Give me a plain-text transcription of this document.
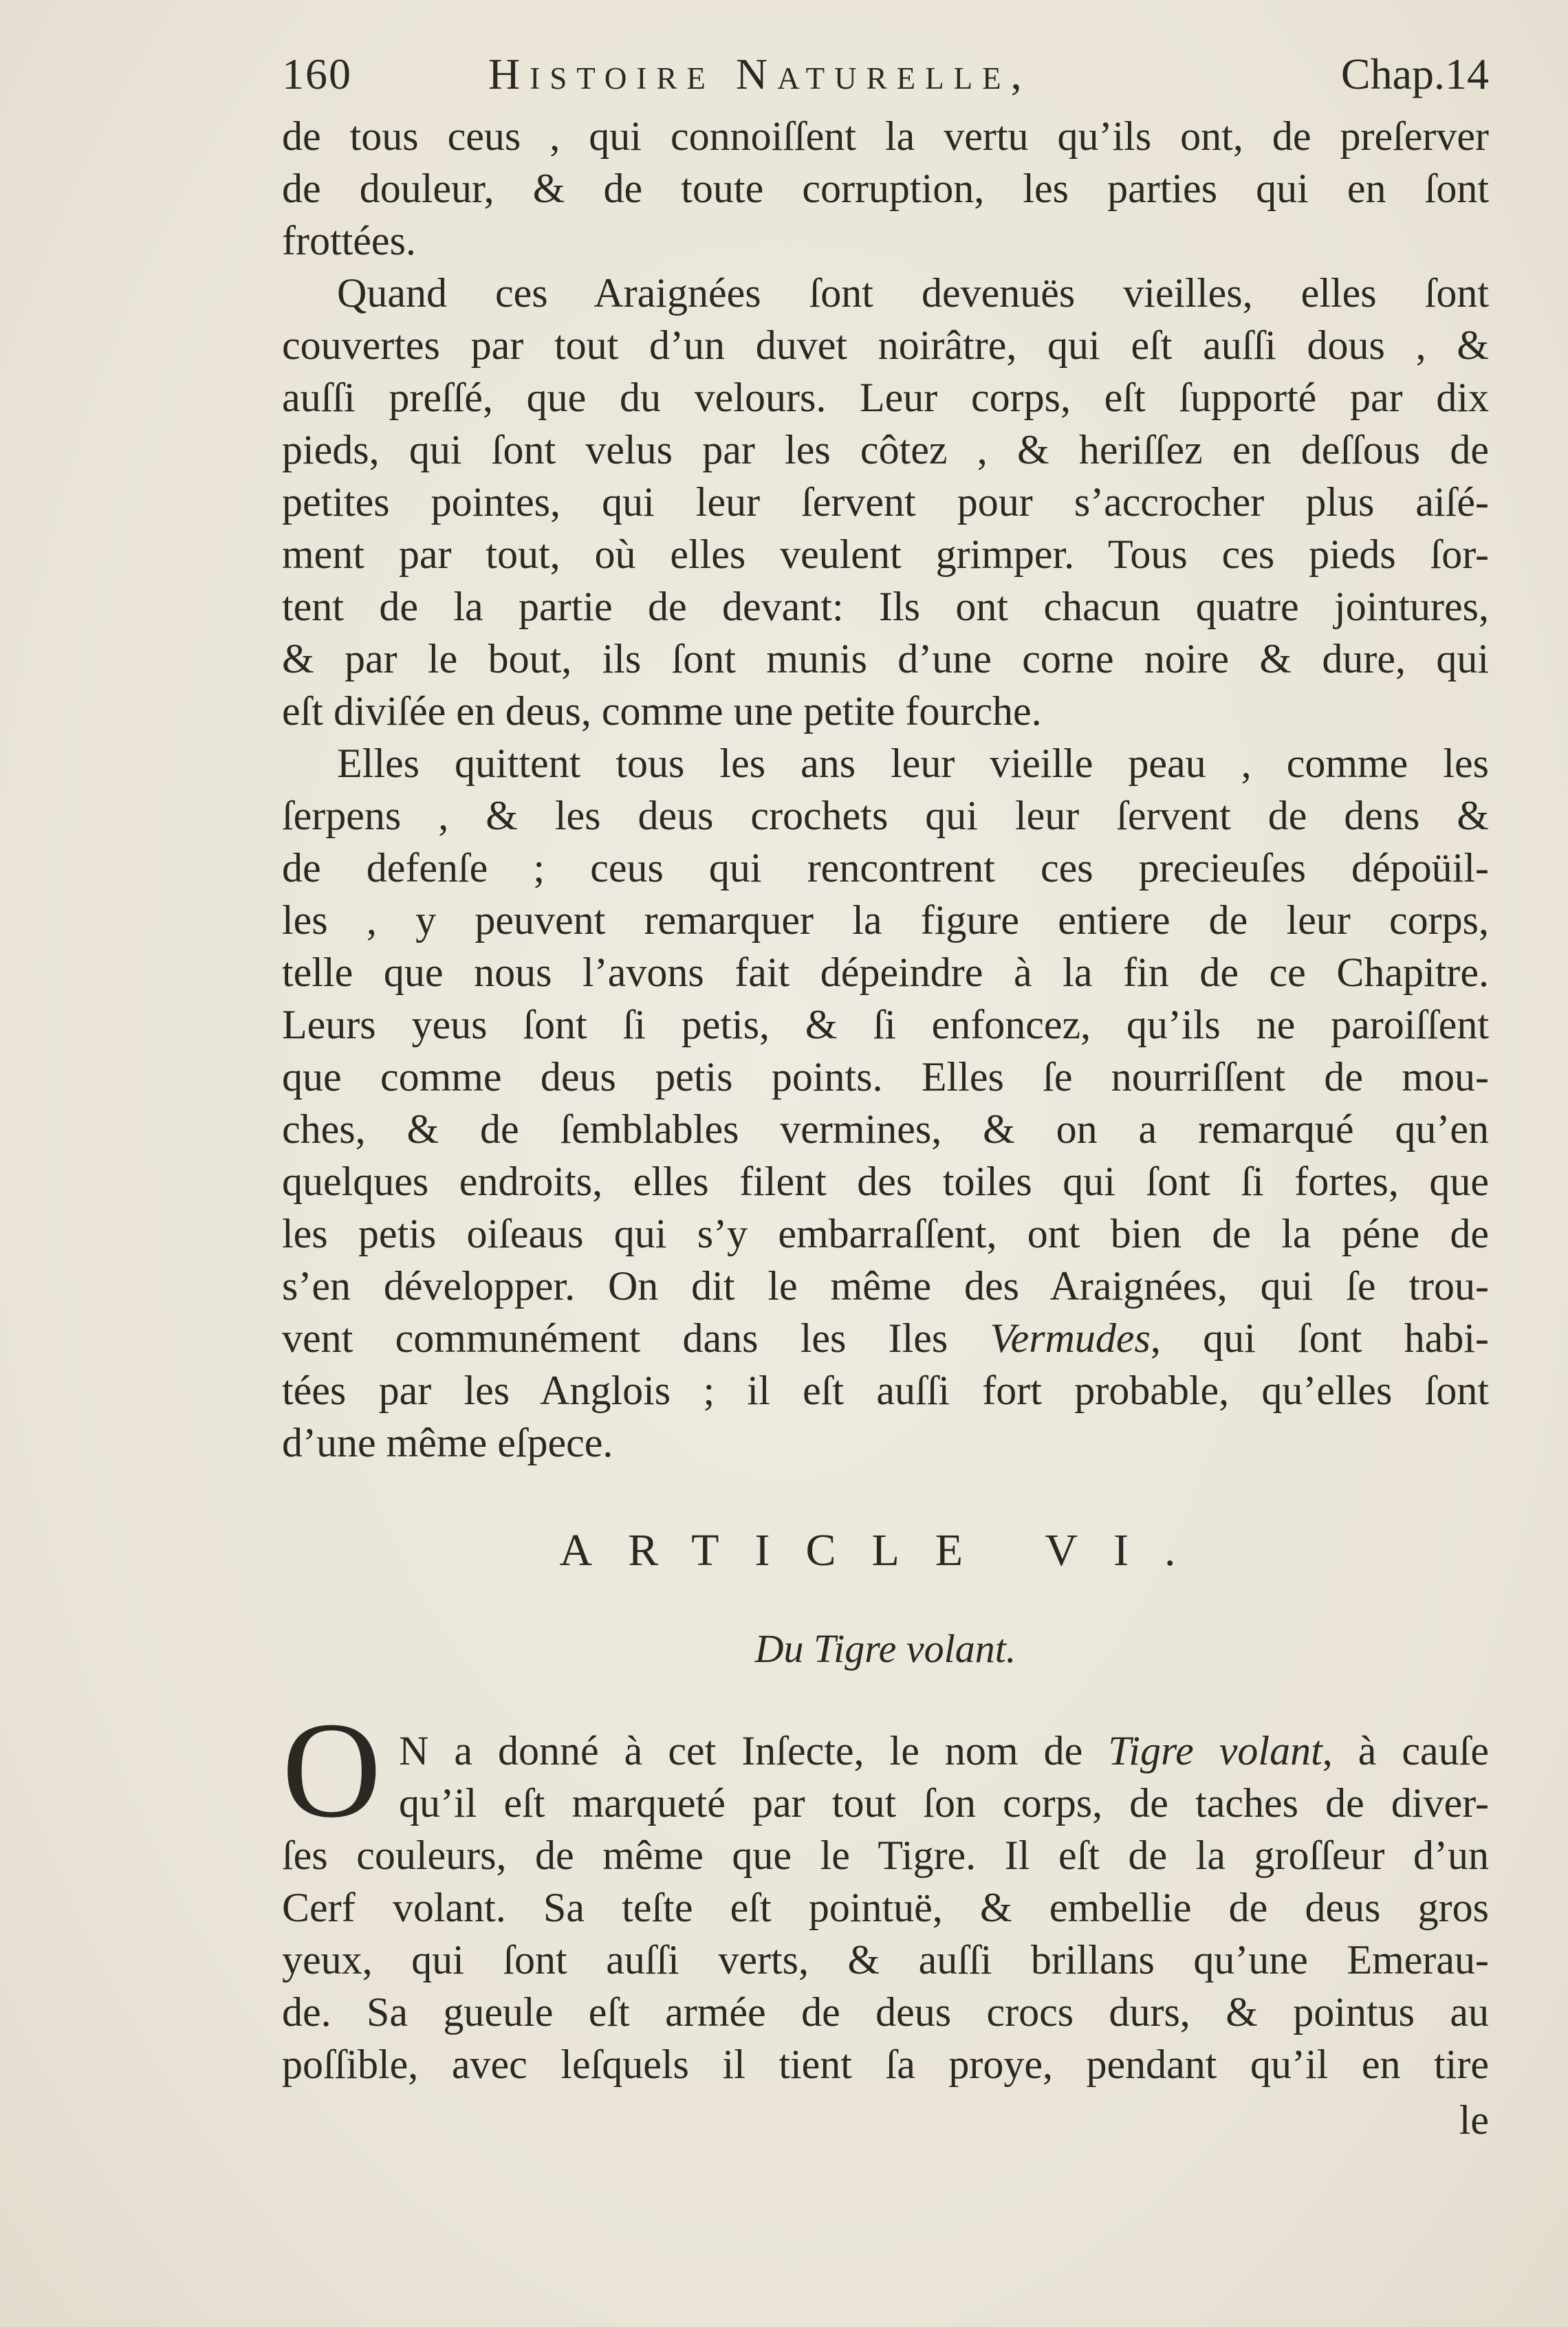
160	Histoire Naturelle,	Chap.14
de tous ceus , qui connoiſſent la vertu qu’ils ont, de preſerver
de douleur, & de toute corruption, les parties qui en ſont
frottées.
Quand ces Araignées ſont devenuës vieilles, elles ſont
couvertes par tout d’un duvet noirâtre, qui eſt auſſi dous , &
auſſi preſſé, que du velours. Leur corps, eſt ſupporté par dix
pieds, qui ſont velus par les côtez , & heriſſez en deſſous de
petites pointes, qui leur ſervent pour s’accrocher plus aiſé-
ment par tout, où elles veulent grimper. Tous ces pieds ſor-
tent de la partie de devant: Ils ont chacun quatre jointures,
& par le bout, ils ſont munis d’une corne noire & dure, qui
eſt diviſée en deus, comme une petite fourche.
Elles quittent tous les ans leur vieille peau , comme les
ſerpens , & les deus crochets qui leur ſervent de dens &
de defenſe ; ceus qui rencontrent ces precieuſes dépoüil-
les , y peuvent remarquer la figure entiere de leur corps,
telle que nous l’avons fait dépeindre à la fin de ce Chapitre.
Leurs yeus ſont ſi petis, & ſi enfoncez, qu’ils ne paroiſſent
que comme deus petis points. Elles ſe nourriſſent de mou-
ches, & de ſemblables vermines, & on a remarqué qu’en
quelques endroits, elles filent des toiles qui ſont ſi fortes, que
les petis oiſeaus qui s’y embarraſſent, ont bien de la péne de
s’en développer. On dit le même des Araignées, qui ſe trou-
vent communément dans les Iles Vermudes, qui ſont habi-
tées par les Anglois ; il eſt auſſi fort probable, qu’elles ſont
d’une même eſpece.
ARTICLE VI.
Du Tigre volant.
O N a donné à cet Inſecte, le nom de Tigre volant, à cauſe
qu’il eſt marqueté par tout ſon corps, de taches de diver-
ſes couleurs, de même que le Tigre. Il eſt de la groſſeur d’un
Cerf volant. Sa teſte eſt pointuë, & embellie de deus gros
yeux, qui ſont auſſi verts, & auſſi brillans qu’une Emerau-
de. Sa gueule eſt armée de deus crocs durs, & pointus au
poſſible, avec leſquels il tient ſa proye, pendant qu’il en tire
le
